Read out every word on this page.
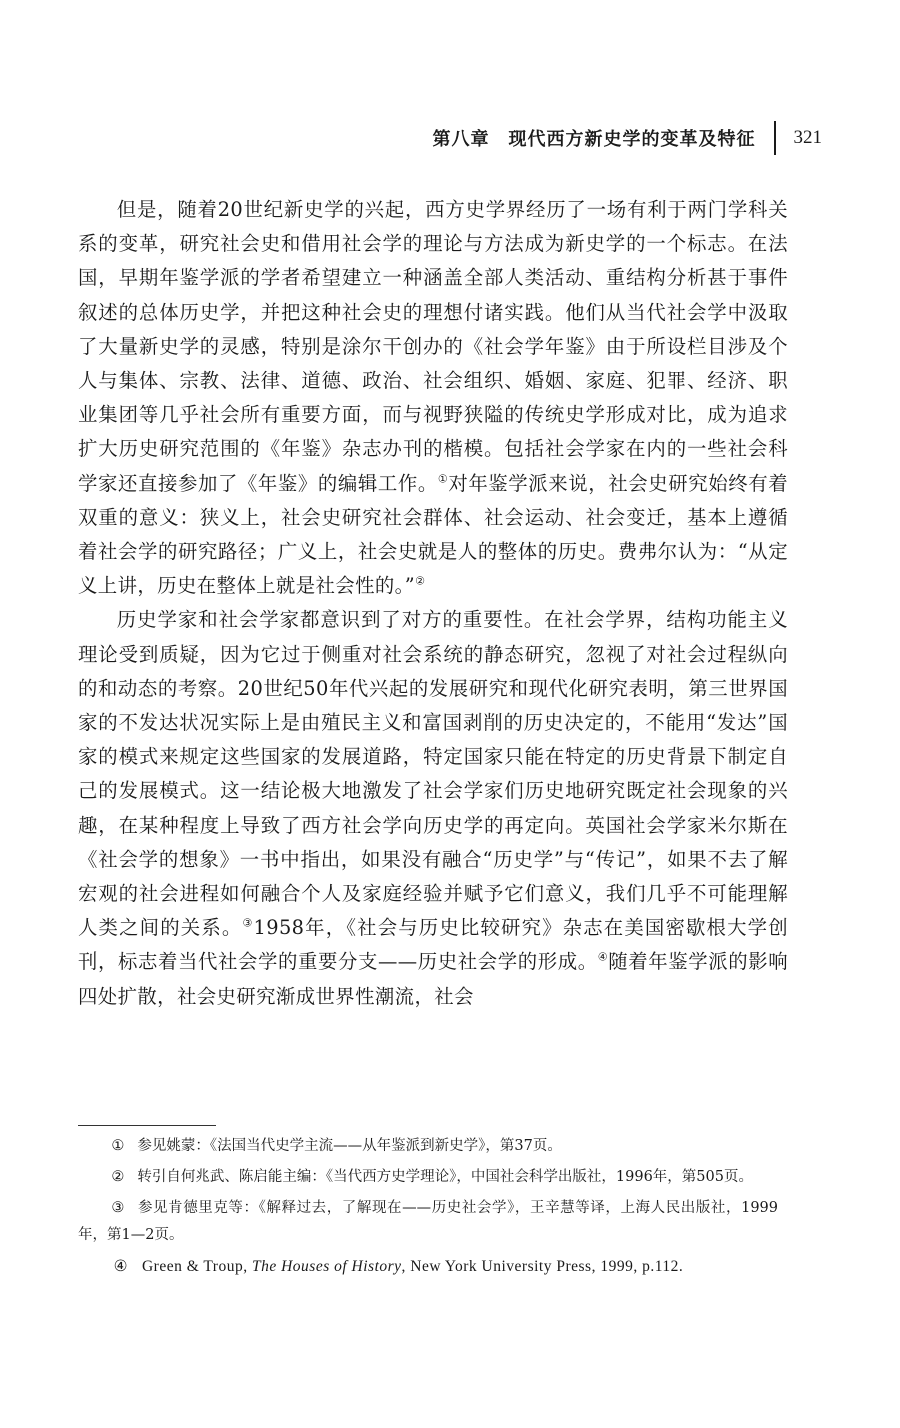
第八章　现代西方新史学的变革及特征 321

但是，随着20世纪新史学的兴起，西方史学界经历了一场有利于两门学科关系的变革，研究社会史和借用社会学的理论与方法成为新史学的一个标志。在法国，早期年鉴学派的学者希望建立一种涵盖全部人类活动、重结构分析甚于事件叙述的总体历史学，并把这种社会史的理想付诸实践。他们从当代社会学中汲取了大量新史学的灵感，特别是涂尔干创办的《社会学年鉴》由于所设栏目涉及个人与集体、宗教、法律、道德、政治、社会组织、婚姻、家庭、犯罪、经济、职业集团等几乎社会所有重要方面，而与视野狭隘的传统史学形成对比，成为追求扩大历史研究范围的《年鉴》杂志办刊的楷模。包括社会学家在内的一些社会科学家还直接参加了《年鉴》的编辑工作。①对年鉴学派来说，社会史研究始终有着双重的意义：狭义上，社会史研究社会群体、社会运动、社会变迁，基本上遵循着社会学的研究路径；广义上，社会史就是人的整体的历史。费弗尔认为：“从定义上讲，历史在整体上就是社会性的。”②

历史学家和社会学家都意识到了对方的重要性。在社会学界，结构功能主义理论受到质疑，因为它过于侧重对社会系统的静态研究，忽视了对社会过程纵向的和动态的考察。20世纪50年代兴起的发展研究和现代化研究表明，第三世界国家的不发达状况实际上是由殖民主义和富国剥削的历史决定的，不能用“发达”国家的模式来规定这些国家的发展道路，特定国家只能在特定的历史背景下制定自己的发展模式。这一结论极大地激发了社会学家们历史地研究既定社会现象的兴趣，在某种程度上导致了西方社会学向历史学的再定向。英国社会学家米尔斯在《社会学的想象》一书中指出，如果没有融合“历史学”与“传记”，如果不去了解宏观的社会进程如何融合个人及家庭经验并赋予它们意义，我们几乎不可能理解人类之间的关系。③1958年，《社会与历史比较研究》杂志在美国密歇根大学创刊，标志着当代社会学的重要分支——历史社会学的形成。④随着年鉴学派的影响四处扩散，社会史研究渐成世界性潮流，社会

① 参见姚蒙：《法国当代史学主流——从年鉴派到新史学》，第37页。

② 转引自何兆武、陈启能主编：《当代西方史学理论》，中国社会科学出版社，1996年，第505页。

③ 参见肯德里克等：《解释过去，了解现在——历史社会学》，王辛慧等译，上海人民出版社，1999年，第1—2页。

④ Green & Troup, The Houses of History, New York University Press, 1999, p.112.
